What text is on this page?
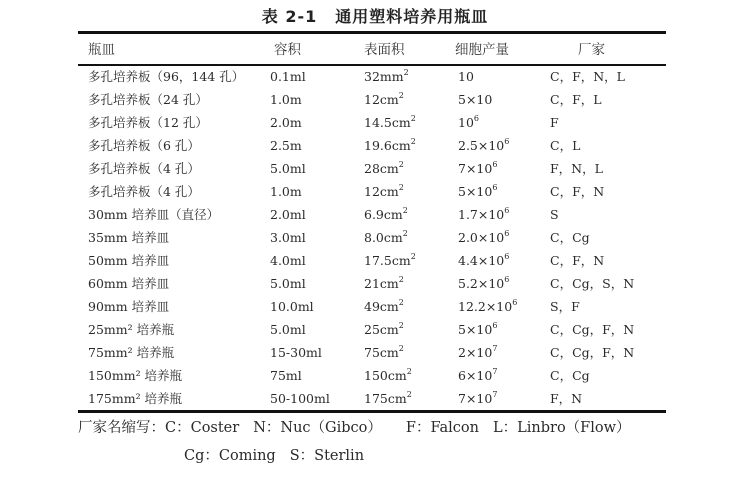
表 2-1 通用塑料培养用瓶皿
瓶皿	容积	表面积	细胞产量	厂家
多孔培养板（96，144 孔） 0.1ml	$32mm^2$	10	C，F，N，L
多孔培养板（24 孔）	1.0m	$12cm^2$	5×10	C，F，L
多孔培养板（12 孔）	2.0m	$14.5cm^2$	$10^6$	F
多孔培养板（6 孔）	2.5m	$19.6cm^2$	$2.5\times 10^6$	C，L
多孔培养板（4 孔）	5.0ml	$28cm^2$	$7\times 10^6$	F，N，L
多孔培养板（4 孔）	1.0m	$12cm^2$	$5\times 10^6$	C，F，N
30mm 培养皿（直径）	2.0ml	$6.9cm^2$	$1.7\times 10^6$	S
35mm 培养皿	3.0ml	$8.0cm^2$	$2.0\times 10^6$	C，Cg
50mm 培养皿	4.0ml	$17.5cm^2$	$4.4\times 10^6$	C，F，N
60mm 培养皿	5.0ml	$21cm^2$	$5.2\times 10^6$	C，Cg，S，N
90mm 培养皿	10.0ml	$49cm^2$	$12.2\times 10^6$	S，F
25mm² 培养瓶	5.0ml	$25cm^2$	$5\times 10^6$	C，Cg，F，N
75mm² 培养瓶	15-30ml	$75cm^2$	$2\times 10^7$	C，Cg，F，N
150mm² 培养瓶	75ml	$150cm^2$	$6\times 10^7$	C，Cg
175mm² 培养瓶	50-100ml	$175cm^2$	$7\times 10^7$	F，N
厂家名缩写：C：Coster N：Nuc（Gibco） F：Falcon L：Linbro（Flow）
Cg：Coming S：Sterlin
